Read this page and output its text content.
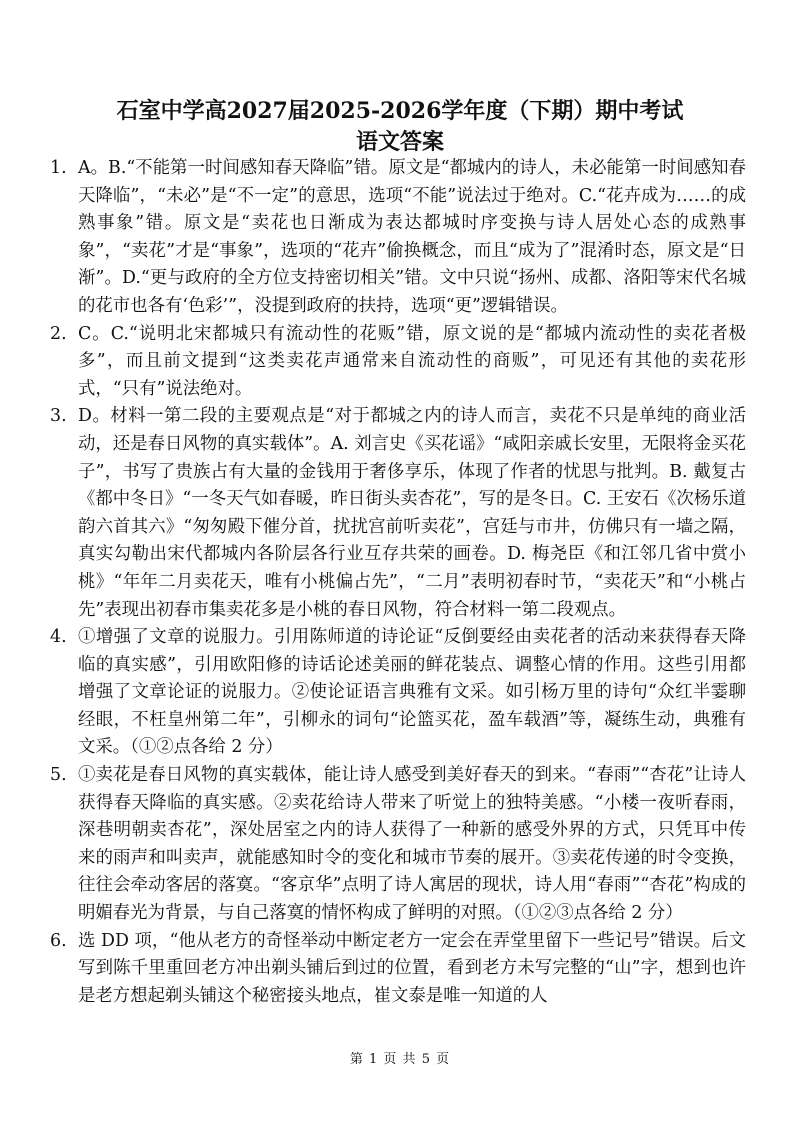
石室中学高2027届2025-2026学年度（下期）期中考试
语文答案
1. A。B.“不能第一时间感知春天降临”错。原文是“都城内的诗人，未必能第一时间感知春天降临”，“未必”是“不一定”的意思，选项“不能”说法过于绝对。C.“花卉成为……的成熟事象”错。原文是“卖花也日渐成为表达都城时序变换与诗人居处心态的成熟事象”，“卖花”才是“事象”，选项的“花卉”偷换概念，而且“成为了”混淆时态，原文是“日渐”。D.“更与政府的全方位支持密切相关”错。文中只说“扬州、成都、洛阳等宋代名城的花市也各有‘色彩’”，没提到政府的扶持，选项“更”逻辑错误。
2. C。C.“说明北宋都城只有流动性的花贩”错，原文说的是“都城内流动性的卖花者极多”，而且前文提到“这类卖花声通常来自流动性的商贩”，可见还有其他的卖花形式，“只有”说法绝对。
3. D。材料一第二段的主要观点是“对于都城之内的诗人而言，卖花不只是单纯的商业活动，还是春日风物的真实载体”。A. 刘言史《买花谣》“咸阳亲戚长安里，无限将金买花子”，书写了贵族占有大量的金钱用于奢侈享乐，体现了作者的忧思与批判。B. 戴复古《都中冬日》“一冬天气如春暖，昨日街头卖杏花”，写的是冬日。C. 王安石《次杨乐道韵六首其六》“匆匆殿下催分首，扰扰宫前听卖花”，宫廷与市井，仿佛只有一墙之隔，真实勾勒出宋代都城内各阶层各行业互存共荣的画卷。D. 梅尧臣《和江邻几省中赏小桃》“年年二月卖花天，唯有小桃偏占先”，“二月”表明初春时节，“卖花天”和“小桃占先”表现出初春市集卖花多是小桃的春日风物，符合材料一第二段观点。
4. ①增强了文章的说服力。引用陈师道的诗论证“反倒要经由卖花者的活动来获得春天降临的真实感”，引用欧阳修的诗话论述美丽的鲜花装点、调整心情的作用。这些引用都增强了文章论证的说服力。②使论证语言典雅有文采。如引杨万里的诗句“众红半霎聊经眼，不枉皇州第二年”，引柳永的词句“论篮买花，盈车载酒”等，凝练生动，典雅有文采。（①②点各给 2 分）
5. ①卖花是春日风物的真实载体，能让诗人感受到美好春天的到来。“春雨”“杏花”让诗人获得春天降临的真实感。②卖花给诗人带来了听觉上的独特美感。“小楼一夜听春雨，深巷明朝卖杏花”，深处居室之内的诗人获得了一种新的感受外界的方式，只凭耳中传来的雨声和叫卖声，就能感知时令的变化和城市节奏的展开。③卖花传递的时令变换，往往会牵动客居的落寞。“客京华”点明了诗人寓居的现状，诗人用“春雨”“杏花”构成的明媚春光为背景，与自己落寞的情怀构成了鲜明的对照。（①②③点各给 2 分）
6. 选 DD 项，“他从老方的奇怪举动中断定老方一定会在弄堂里留下一些记号”错误。后文写到陈千里重回老方冲出剃头铺后到过的位置，看到老方未写完整的“山”字，想到也许是老方想起剃头铺这个秘密接头地点，崔文泰是唯一知道的人
第 1 页 共 5 页
